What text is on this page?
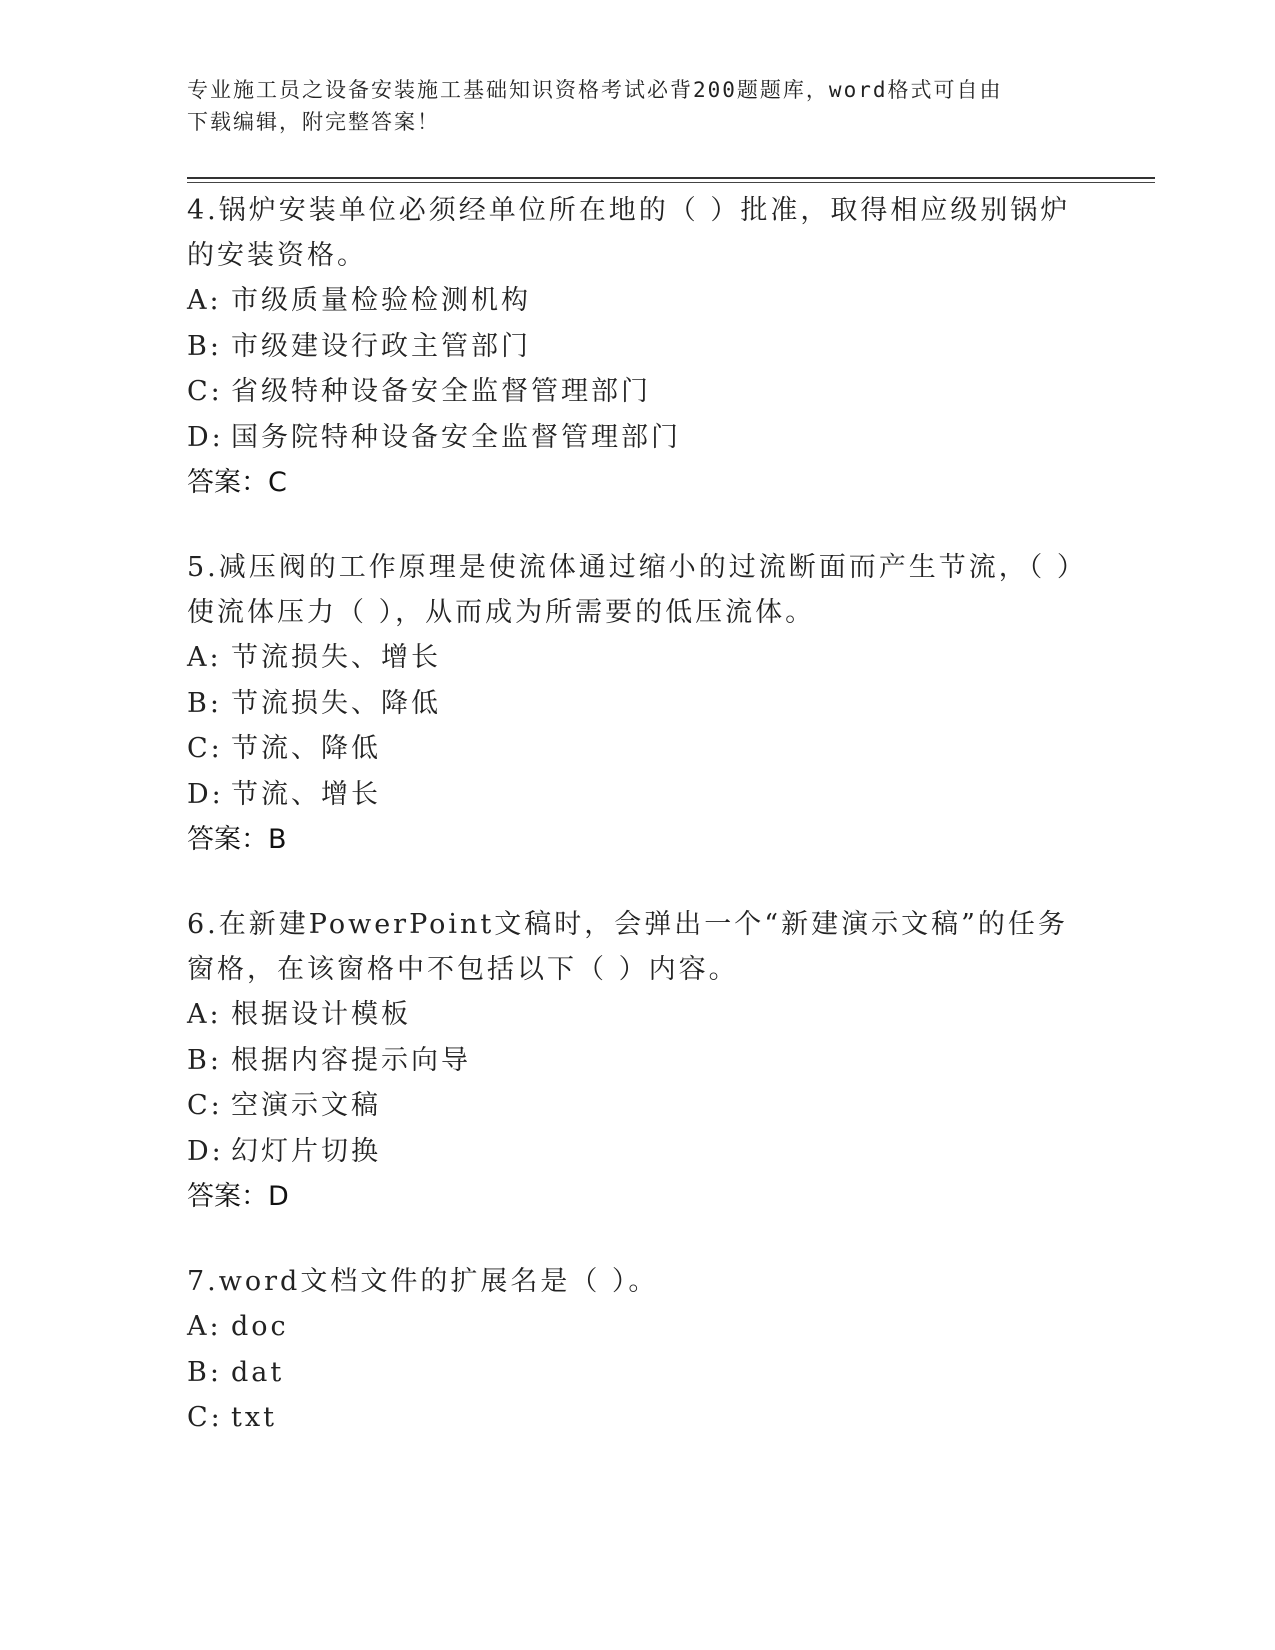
专业施工员之设备安装施工基础知识资格考试必背200题题库，word格式可自由
下载编辑，附完整答案！

4.锅炉安装单位必须经单位所在地的（ ）批准，取得相应级别锅炉的安装资格。

A: 市级质量检验检测机构

B: 市级建设行政主管部门

C: 省级特种设备安全监督管理部门

D: 国务院特种设备安全监督管理部门

答案：C

5.减压阀的工作原理是使流体通过缩小的过流断面而产生节流，（ ）使流体压力（ ），从而成为所需要的低压流体。

A: 节流损失、增长

B: 节流损失、降低

C: 节流、降低

D: 节流、增长

答案：B

6.在新建PowerPoint文稿时，会弹出一个“新建演示文稿”的任务窗格，在该窗格中不包括以下（ ）内容。

A: 根据设计模板

B: 根据内容提示向导

C: 空演示文稿

D: 幻灯片切换

答案：D

7.word文档文件的扩展名是（ ）。

A: doc

B: dat

C: txt
